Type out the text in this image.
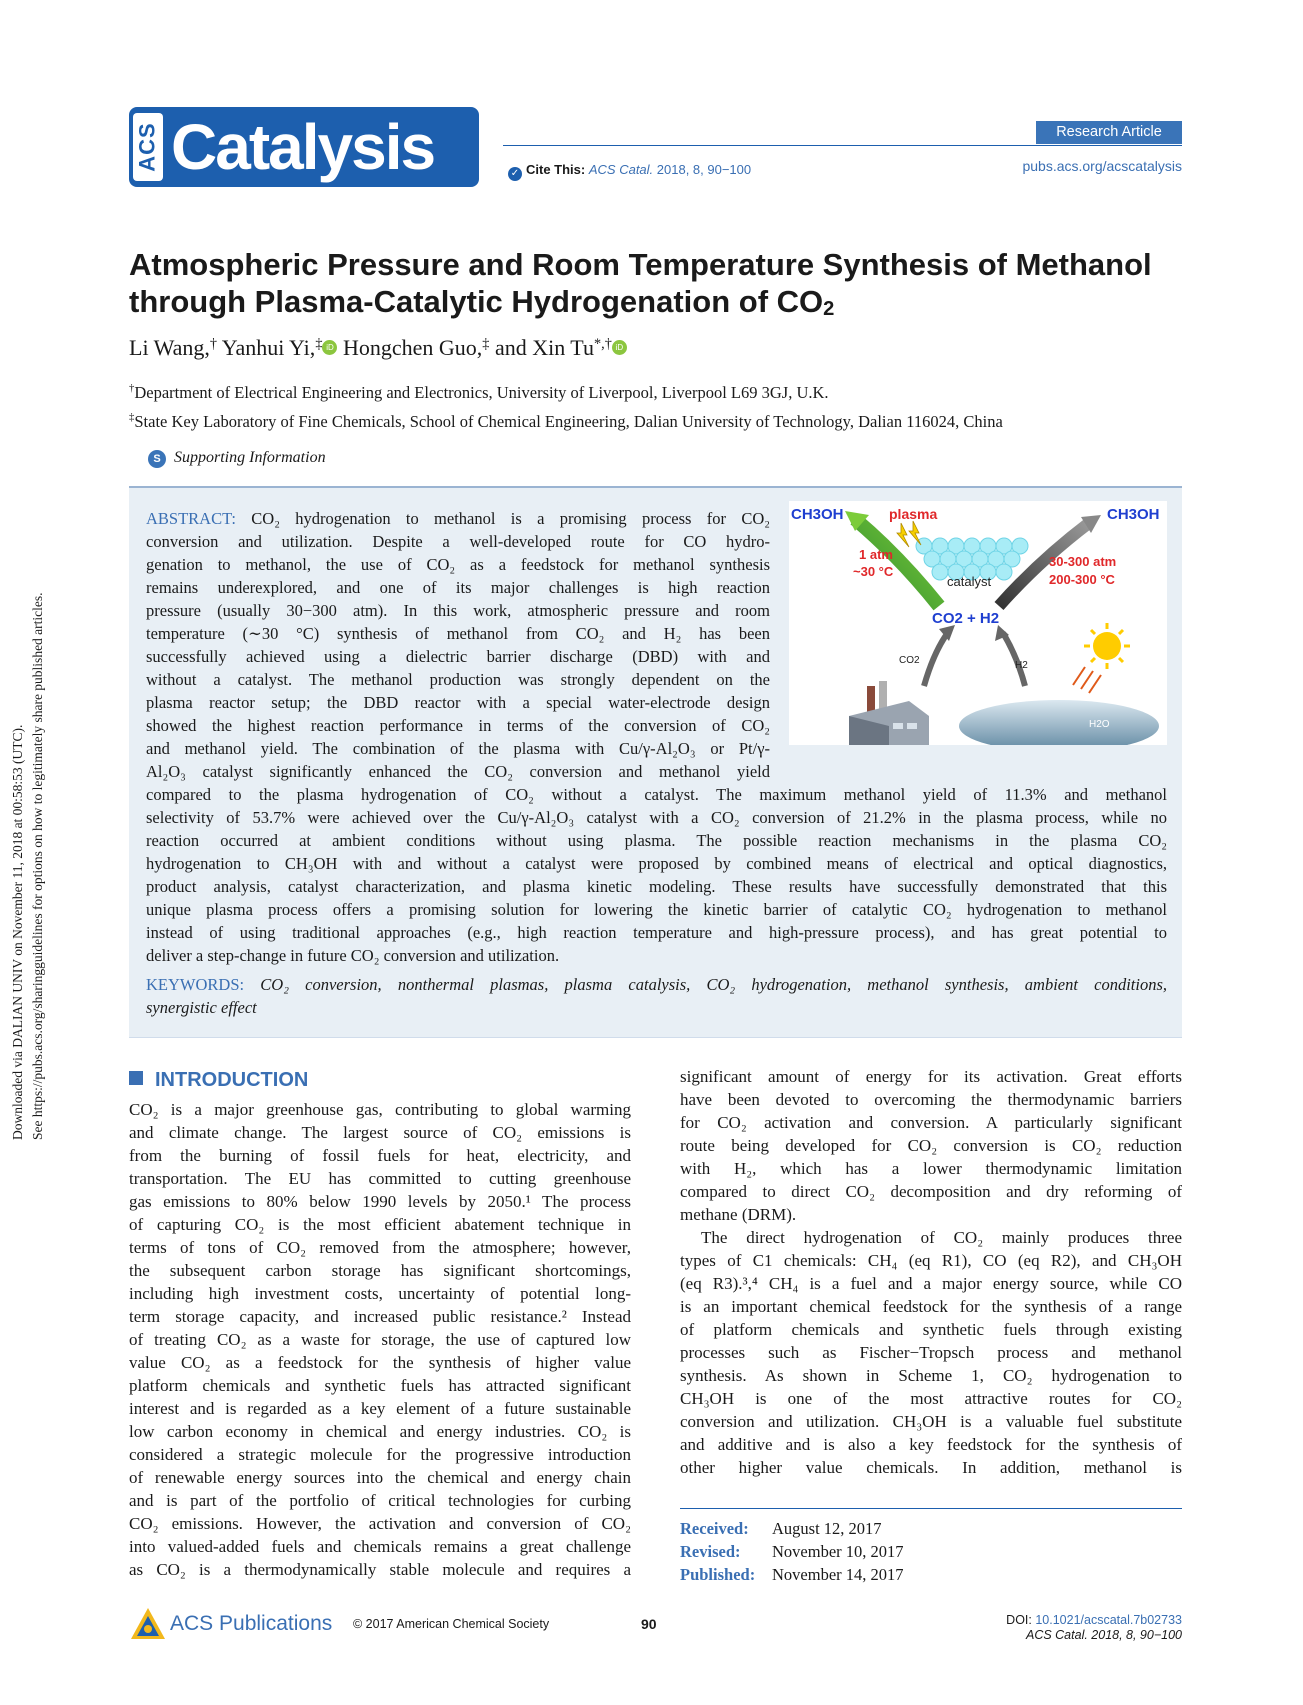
Downloaded via DALIAN UNIV on November 11, 2018 at 00:58:53 (UTC). See https://pubs.acs.org/sharingguidelines for options on how to legitimately share published articles.
ACS Catalysis	Research Article
✓ Cite This: ACS Catal. 2018, 8, 90−100	pubs.acs.org/acscatalysis
Atmospheric Pressure and Room Temperature Synthesis of Methanol
through Plasma-Catalytic Hydrogenation of $CO_2$
Li Wang,† Yanhui Yi,‡ iD Hongchen Guo,‡ and Xin Tu*,† iD
†Department of Electrical Engineering and Electronics, University of Liverpool, Liverpool L69 3GJ, U.K.
‡State Key Laboratory of Fine Chemicals, School of Chemical Engineering, Dalian University of Technology, Dalian 116024, China
S Supporting Information
CH3OH	plasma	CH3OH
1 atm
~30 °C
catalyst
30-300 atm
200-300 °C
CO2 + H2
CO2	H2
H2O
ABSTRACT: CO₂ hydrogenation to methanol is a promising process for CO₂
conversion and utilization. Despite a well-developed route for CO hydro-
genation to methanol, the use of CO₂ as a feedstock for methanol synthesis
remains underexplored, and one of its major challenges is high reaction
pressure (usually 30−300 atm). In this work, atmospheric pressure and room
temperature (∼30 °C) synthesis of methanol from CO₂ and H₂ has been
successfully achieved using a dielectric barrier discharge (DBD) with and
without a catalyst. The methanol production was strongly dependent on the
plasma reactor setup; the DBD reactor with a special water-electrode design
showed the highest reaction performance in terms of the conversion of CO₂
and methanol yield. The combination of the plasma with Cu/γ-Al₂O₃ or Pt/γ-
Al₂O₃ catalyst significantly enhanced the CO₂ conversion and methanol yield
compared to the plasma hydrogenation of CO₂ without a catalyst. The maximum methanol yield of 11.3% and methanol
selectivity of 53.7% were achieved over the Cu/γ-Al₂O₃ catalyst with a CO₂ conversion of 21.2% in the plasma process, while no
reaction occurred at ambient conditions without using plasma. The possible reaction mechanisms in the plasma CO₂
hydrogenation to CH₃OH with and without a catalyst were proposed by combined means of electrical and optical diagnostics,
product analysis, catalyst characterization, and plasma kinetic modeling. These results have successfully demonstrated that this
unique plasma process offers a promising solution for lowering the kinetic barrier of catalytic CO₂ hydrogenation to methanol
instead of using traditional approaches (e.g., high reaction temperature and high-pressure process), and has great potential to
deliver a step-change in future CO₂ conversion and utilization.
KEYWORDS: CO₂ conversion, nonthermal plasmas, plasma catalysis, CO₂ hydrogenation, methanol synthesis, ambient conditions,
synergistic effect
INTRODUCTION
CO₂ is a major greenhouse gas, contributing to global warming
and climate change. The largest source of CO₂ emissions is
from the burning of fossil fuels for heat, electricity, and
transportation. The EU has committed to cutting greenhouse
gas emissions to 80% below 1990 levels by 2050.¹ The process
of capturing CO₂ is the most efficient abatement technique in
terms of tons of CO₂ removed from the atmosphere; however,
the subsequent carbon storage has significant shortcomings,
including high investment costs, uncertainty of potential long-
term storage capacity, and increased public resistance.² Instead
of treating CO₂ as a waste for storage, the use of captured low
value CO₂ as a feedstock for the synthesis of higher value
platform chemicals and synthetic fuels has attracted significant
interest and is regarded as a key element of a future sustainable
low carbon economy in chemical and energy industries. CO₂ is
considered a strategic molecule for the progressive introduction
of renewable energy sources into the chemical and energy chain
and is part of the portfolio of critical technologies for curbing
CO₂ emissions. However, the activation and conversion of CO₂
into valued-added fuels and chemicals remains a great challenge
as CO₂ is a thermodynamically stable molecule and requires a
significant amount of energy for its activation. Great efforts
have been devoted to overcoming the thermodynamic barriers
for CO₂ activation and conversion. A particularly significant
route being developed for CO₂ conversion is CO₂ reduction
with H₂, which has a lower thermodynamic limitation
compared to direct CO₂ decomposition and dry reforming of
methane (DRM).
The direct hydrogenation of CO₂ mainly produces three
types of C1 chemicals: CH₄ (eq R1), CO (eq R2), and CH₃OH
(eq R3).³,⁴ CH₄ is a fuel and a major energy source, while CO
is an important chemical feedstock for the synthesis of a range
of platform chemicals and synthetic fuels through existing
processes such as Fischer−Tropsch process and methanol
synthesis. As shown in Scheme 1, CO₂ hydrogenation to
CH₃OH is one of the most attractive routes for CO₂
conversion and utilization. CH₃OH is a valuable fuel substitute
and additive and is also a key feedstock for the synthesis of
other higher value chemicals. In addition, methanol is
Received: August 12, 2017
Revised: November 10, 2017
Published: November 14, 2017
ACS Publications © 2017 American Chemical Society	90	DOI: 10.1021/acscatal.7b02733
ACS Catal. 2018, 8, 90−100
